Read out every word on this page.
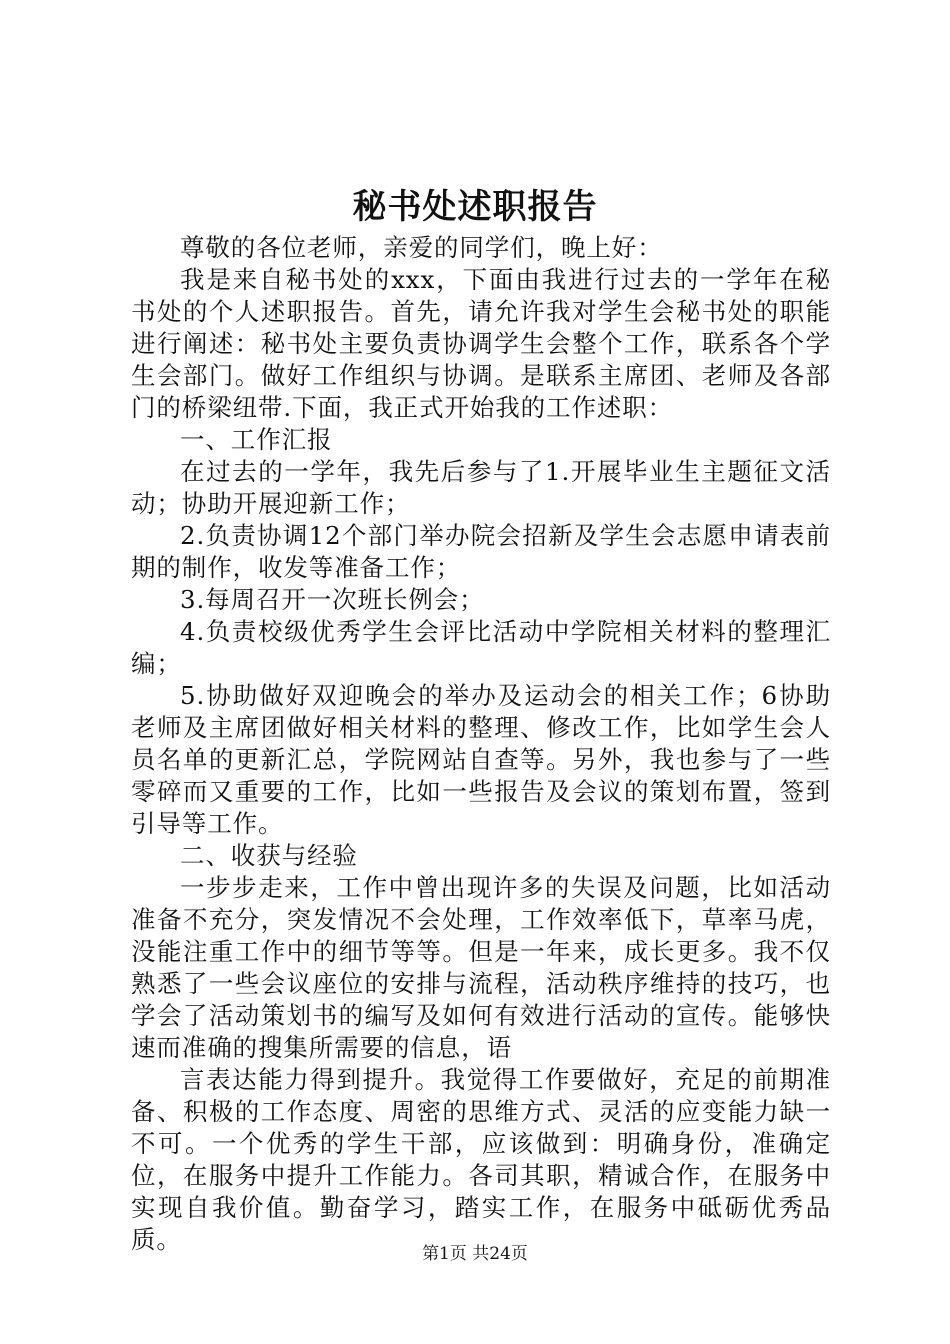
秘书处述职报告

尊敬的各位老师，亲爱的同学们，晚上好：

我是来自秘书处的xxx，下面由我进行过去的一学年在秘书处的个人述职报告。首先，请允许我对学生会秘书处的职能进行阐述：秘书处主要负责协调学生会整个工作，联系各个学生会部门。做好工作组织与协调。是联系主席团、老师及各部门的桥梁纽带.下面，我正式开始我的工作述职：

一、工作汇报

在过去的一学年，我先后参与了1.开展毕业生主题征文活动；协助开展迎新工作；

2.负责协调12个部门举办院会招新及学生会志愿申请表前期的制作，收发等准备工作；

3.每周召开一次班长例会；

4.负责校级优秀学生会评比活动中学院相关材料的整理汇编；

5.协助做好双迎晚会的举办及运动会的相关工作；6协助老师及主席团做好相关材料的整理、修改工作，比如学生会人员名单的更新汇总，学院网站自查等。另外，我也参与了一些零碎而又重要的工作，比如一些报告及会议的策划布置，签到引导等工作。

二、收获与经验

一步步走来，工作中曾出现许多的失误及问题，比如活动准备不充分，突发情况不会处理，工作效率低下，草率马虎，没能注重工作中的细节等等。但是一年来，成长更多。我不仅熟悉了一些会议座位的安排与流程，活动秩序维持的技巧，也学会了活动策划书的编写及如何有效进行活动的宣传。能够快速而准确的搜集所需要的信息，语

言表达能力得到提升。我觉得工作要做好，充足的前期准备、积极的工作态度、周密的思维方式、灵活的应变能力缺一不可。一个优秀的学生干部，应该做到：明确身份，准确定位，在服务中提升工作能力。各司其职，精诚合作，在服务中实现自我价值。勤奋学习，踏实工作，在服务中砥砺优秀品质。	第1页 共24页
